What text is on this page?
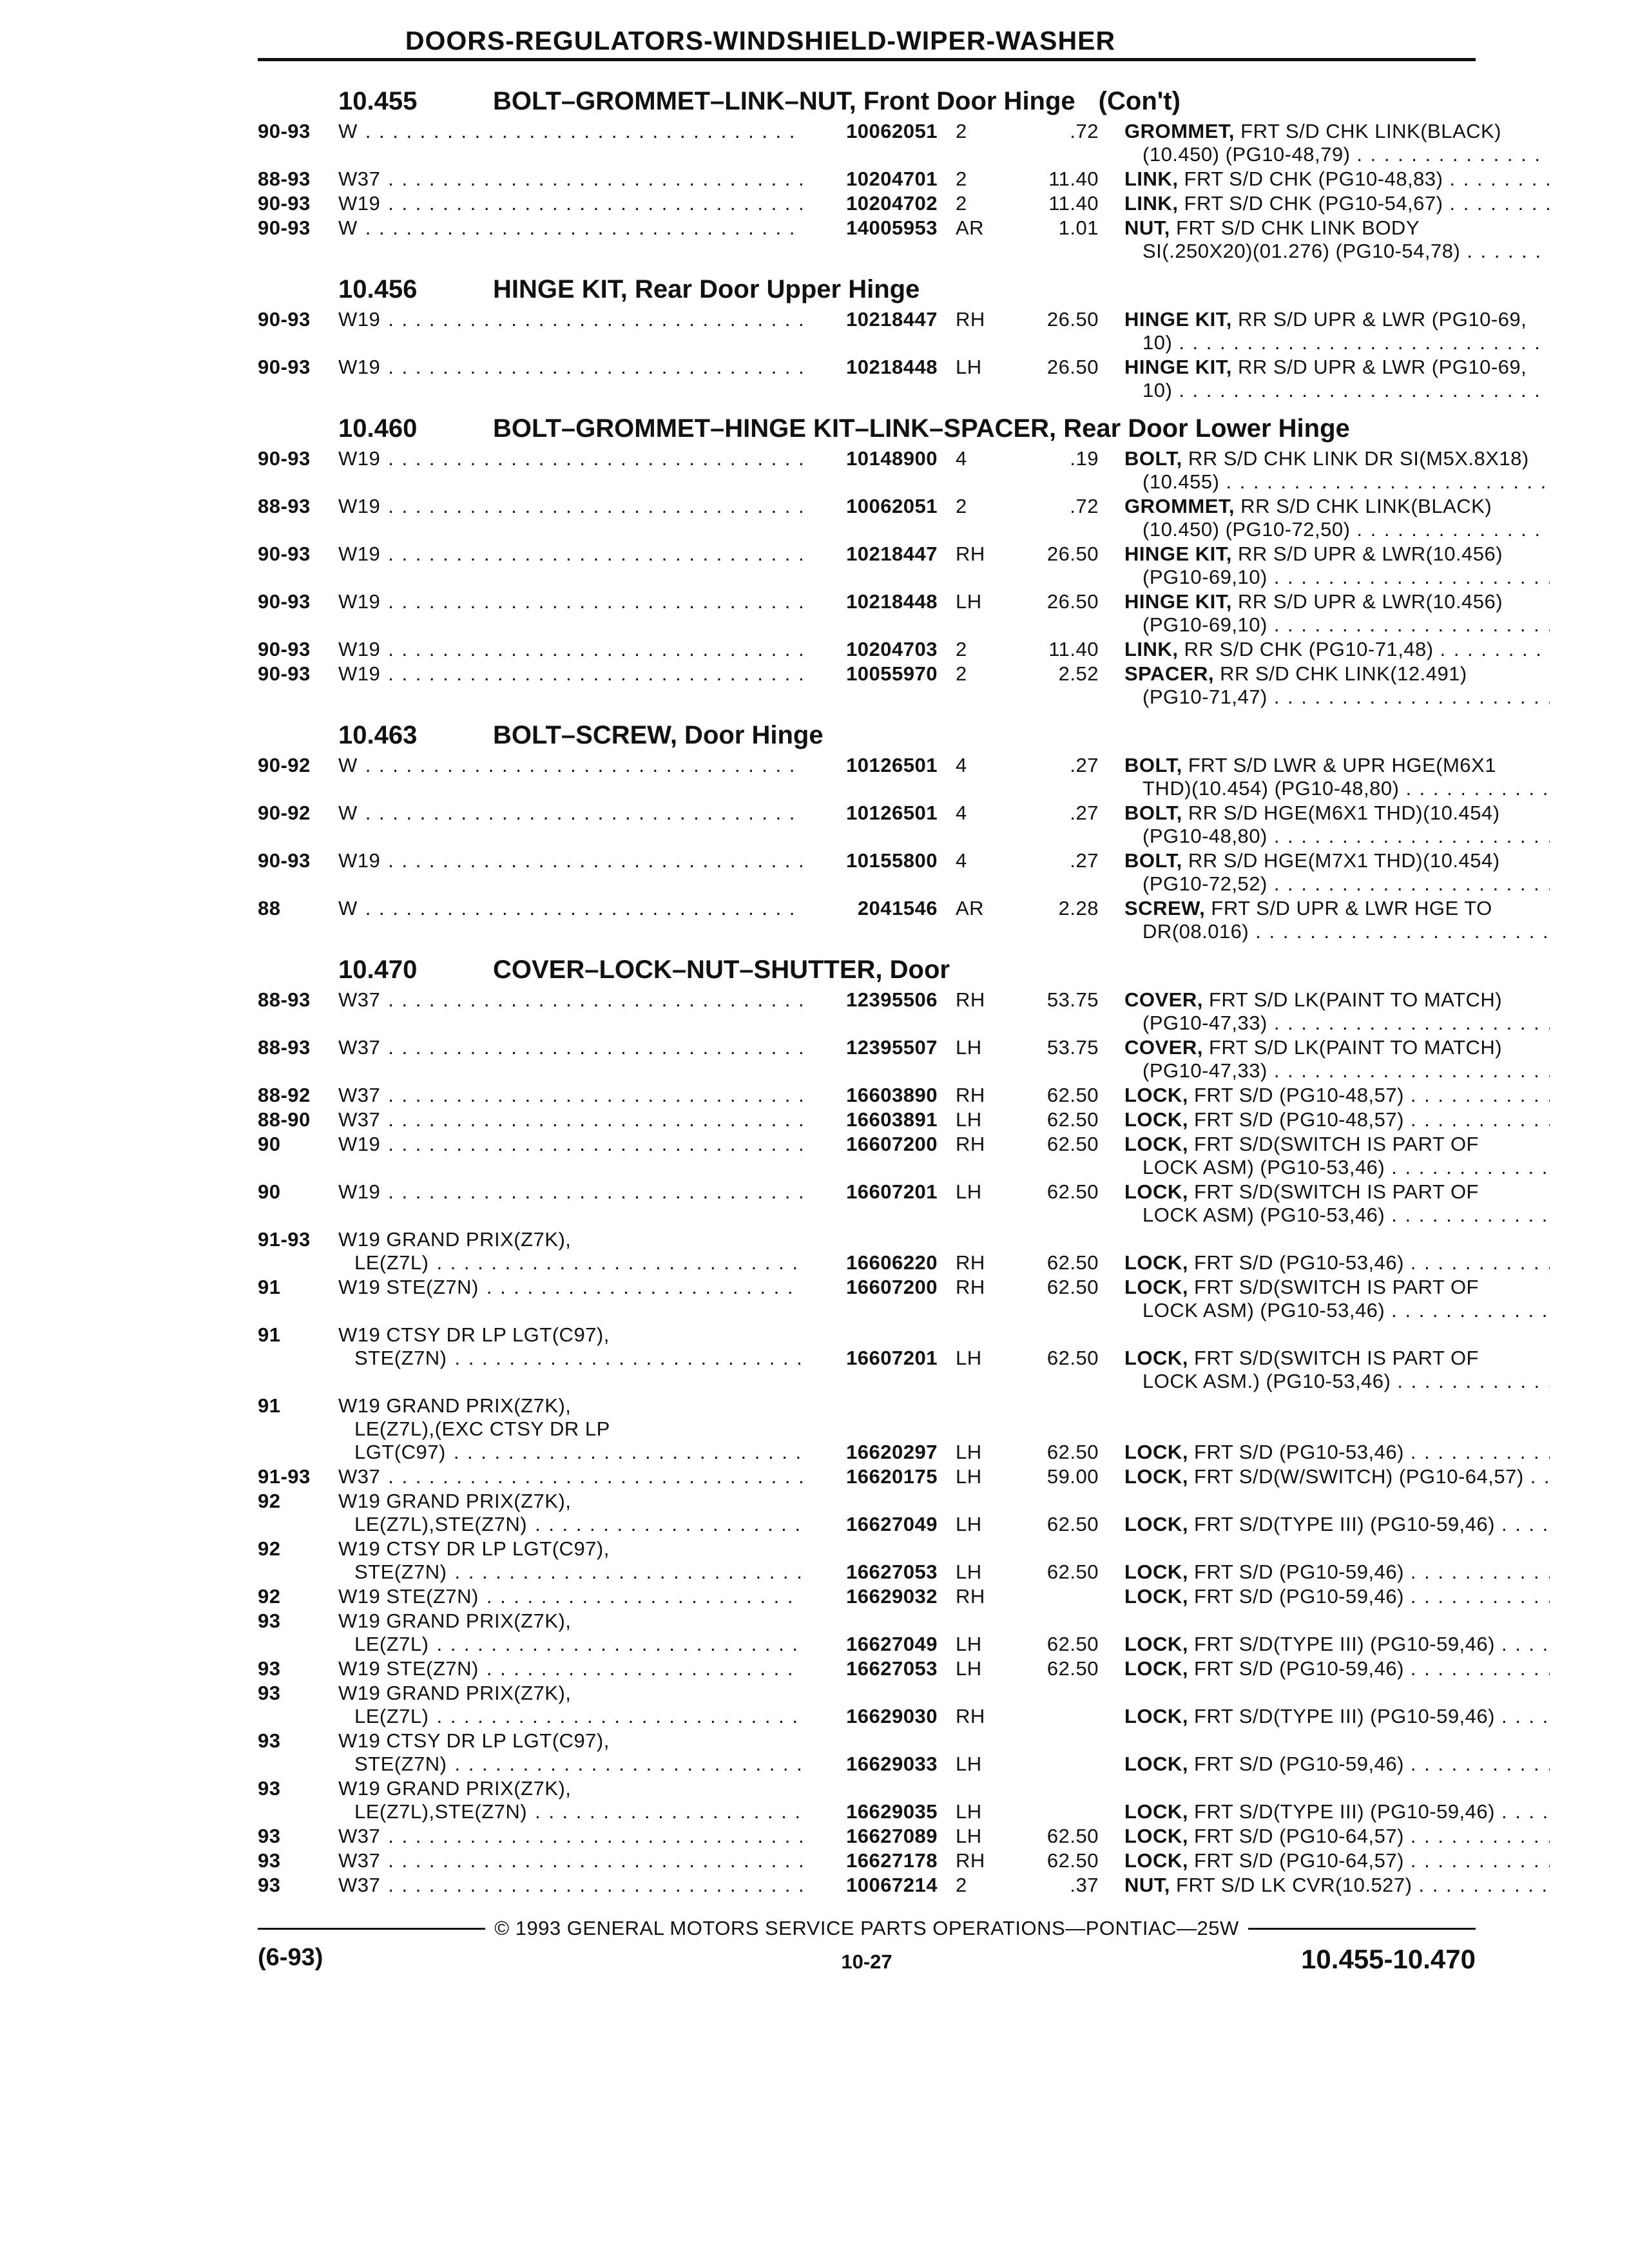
DOORS-REGULATORS-WINDSHIELD-WIPER-WASHER
10.455	BOLT–GROMMET–LINK–NUT, Front Door Hinge (Con't)
90-93	W . . .	10062051 2	.72 GROMMET, FRT S/D CHK LINK(BLACK)
(10.450) (PG10-48,79)
. . .
88-93	W37 . . .	10204701 2	11.40 LINK, FRT S/D CHK (PG10-48,83)
. . .
90-93	W19 . . .	10204702 2	11.40 LINK, FRT S/D CHK (PG10-54,67)
. . .
90-93	W . . .	14005953 AR	1.01 NUT, FRT S/D CHK LINK BODY
SI(.250X20)(01.276) (PG10-54,78)
. . .
10.456	HINGE KIT, Rear Door Upper Hinge
90-93	W19 . . .	10218447 RH	26.50 HINGE KIT, RR S/D UPR & LWR (PG10-69,
10)
. . .
90-93	W19 . . .	10218448 LH	26.50 HINGE KIT, RR S/D UPR & LWR (PG10-69,
10)
. . .
10.460	BOLT–GROMMET–HINGE KIT–LINK–SPACER, Rear Door Lower Hinge
90-93	W19 . . .	10148900 4	.19 BOLT, RR S/D CHK LINK DR SI(M5X.8X18)
(10.455)
. . .
88-93	W19 . . .	10062051 2	.72 GROMMET, RR S/D CHK LINK(BLACK)
(10.450) (PG10-72,50)
. . .
90-93	W19 . . .	10218447 RH	26.50 HINGE KIT, RR S/D UPR & LWR(10.456)
(PG10-69,10)
. . .
90-93	W19 . . .	10218448 LH	26.50 HINGE KIT, RR S/D UPR & LWR(10.456)
(PG10-69,10)
. . .
90-93	W19 . . .	10204703 2	11.40 LINK, RR S/D CHK (PG10-71,48)
. . .
90-93	W19 . . .	10055970 2	2.52 SPACER, RR S/D CHK LINK(12.491)
(PG10-71,47)
. . .
10.463	BOLT–SCREW, Door Hinge
90-92	W . . .	10126501 4	.27 BOLT, FRT S/D LWR & UPR HGE(M6X1
THD)(10.454) (PG10-48,80)
. . .
90-92	W . . .	10126501 4	.27 BOLT, RR S/D HGE(M6X1 THD)(10.454)
(PG10-48,80)
. . .
90-93	W19 . . .	10155800 4	.27 BOLT, RR S/D HGE(M7X1 THD)(10.454)
(PG10-72,52)
. . .
88	W . . .	2041546 AR	2.28 SCREW, FRT S/D UPR & LWR HGE TO
DR(08.016)
. . .
10.470	COVER–LOCK–NUT–SHUTTER, Door
88-93	W37 . . .	12395506 RH	53.75 COVER, FRT S/D LK(PAINT TO MATCH)
(PG10-47,33)
. . .
88-93	W37 . . .	12395507 LH	53.75 COVER, FRT S/D LK(PAINT TO MATCH)
(PG10-47,33)
. . .
88-92	W37 . . .	16603890 RH	62.50 LOCK, FRT S/D (PG10-48,57)
. . .
88-90	W37 . . .	16603891 LH	62.50 LOCK, FRT S/D (PG10-48,57)
. . .
90	W19 . . .	16607200 RH	62.50 LOCK, FRT S/D(SWITCH IS PART OF
LOCK ASM) (PG10-53,46)
. . .
90	W19 . . .	16607201 LH	62.50 LOCK, FRT S/D(SWITCH IS PART OF
LOCK ASM) (PG10-53,46)
. . .
91-93	W19 GRAND PRIX(Z7K),
LE(Z7L) . . .	16606220 RH	62.50 LOCK, FRT S/D (PG10-53,46)
. . .
91	W19 STE(Z7N) . . .	16607200 RH	62.50 LOCK, FRT S/D(SWITCH IS PART OF
LOCK ASM) (PG10-53,46)
. . .
91	W19 CTSY DR LP LGT(C97),
STE(Z7N) . . .	16607201 LH	62.50 LOCK, FRT S/D(SWITCH IS PART OF
LOCK ASM.) (PG10-53,46)
. . .
91	W19 GRAND PRIX(Z7K),
LE(Z7L),(EXC CTSY DR LP
LGT(C97) . . .	16620297 LH	62.50 LOCK, FRT S/D (PG10-53,46)
. . .
91-93	W37 . . .	16620175 LH	59.00 LOCK, FRT S/D(W/SWITCH) (PG10-64,57)
. . .
92	W19 GRAND PRIX(Z7K),
LE(Z7L),STE(Z7N) . . .	16627049 LH	62.50 LOCK, FRT S/D(TYPE III) (PG10-59,46)
. . .
92	W19 CTSY DR LP LGT(C97),
STE(Z7N) . . .	16627053 LH	62.50 LOCK, FRT S/D (PG10-59,46)
. . .
92	W19 STE(Z7N) . . .	16629032 RH	LOCK, FRT S/D (PG10-59,46)
. . .
93	W19 GRAND PRIX(Z7K),
LE(Z7L) . . .	16627049 LH	62.50 LOCK, FRT S/D(TYPE III) (PG10-59,46)
. . .
93	W19 STE(Z7N) . . .	16627053 LH	62.50 LOCK, FRT S/D (PG10-59,46)
. . .
93	W19 GRAND PRIX(Z7K),
LE(Z7L) . . .	16629030 RH	LOCK, FRT S/D(TYPE III) (PG10-59,46)
. . .
93	W19 CTSY DR LP LGT(C97),
STE(Z7N) . . .	16629033 LH	LOCK, FRT S/D (PG10-59,46)
. . .
93	W19 GRAND PRIX(Z7K),
LE(Z7L),STE(Z7N) . . .	16629035 LH	LOCK, FRT S/D(TYPE III) (PG10-59,46)
. . .
93	W37 . . .	16627089 LH	62.50 LOCK, FRT S/D (PG10-64,57)
. . .
93	W37 . . .	16627178 RH	62.50 LOCK, FRT S/D (PG10-64,57)
. . .
93	W37 . . .	10067214 2	.37 NUT, FRT S/D LK CVR(10.527)
. . .
© 1993 GENERAL MOTORS SERVICE PARTS OPERATIONS—PONTIAC—25W
(6-93)	10-27	10.455-10.470
